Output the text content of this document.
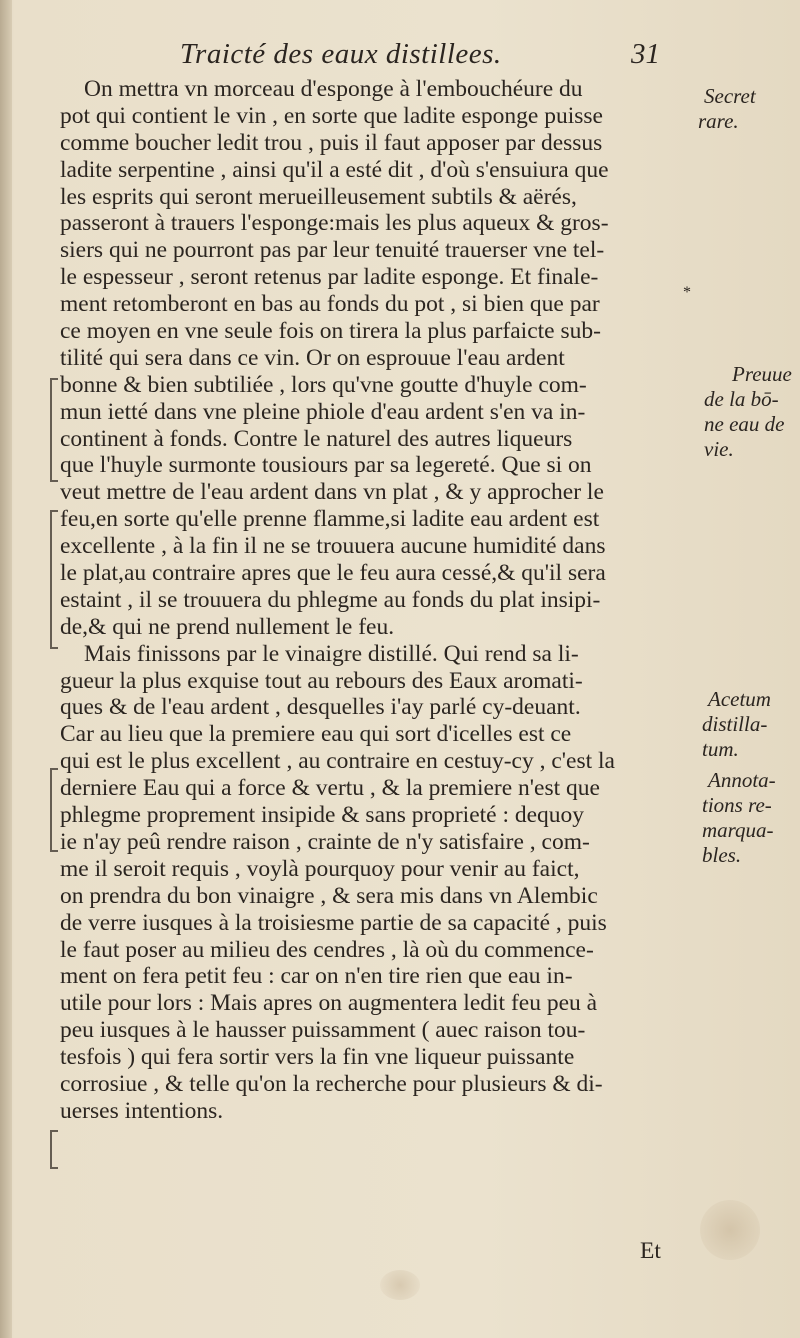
Traicté des eaux distillees.	31
On mettra vn morceau d'esponge à l'embouchéure du
pot qui contient le vin , en sorte que ladite esponge puisse
comme boucher ledit trou , puis il faut apposer par dessus
ladite serpentine , ainsi qu'il a esté dit , d'où s'ensuiura que
les esprits qui seront merueilleusement subtils & aërés,
passeront à trauers l'esponge:mais les plus aqueux & gros-
siers qui ne pourront pas par leur tenuité trauerser vne tel-
le espesseur , seront retenus par ladite esponge. Et finale-
ment retomberont en bas au fonds du pot , si bien que par
ce moyen en vne seule fois on tirera la plus parfaicte sub-
tilité qui sera dans ce vin. Or on esprouue l'eau ardent
bonne & bien subtiliée , lors qu'vne goutte d'huyle com-
mun ietté dans vne pleine phiole d'eau ardent s'en va in-
continent à fonds. Contre le naturel des autres liqueurs
que l'huyle surmonte tousiours par sa legereté. Que si on
veut mettre de l'eau ardent dans vn plat , & y approcher le
feu,en sorte qu'elle prenne flamme,si ladite eau ardent est
excellente , à la fin il ne se trouuera aucune humidité dans
le plat,au contraire apres que le feu aura cessé,& qu'il sera
estaint , il se trouuera du phlegme au fonds du plat insipi-
de,& qui ne prend nullement le feu.
Mais finissons par le vinaigre distillé. Qui rend sa li-
gueur la plus exquise tout au rebours des Eaux aromati-
ques & de l'eau ardent , desquelles i'ay parlé cy-deuant.
Car au lieu que la premiere eau qui sort d'icelles est ce
qui est le plus excellent , au contraire en cestuy-cy , c'est la
derniere Eau qui a force & vertu , & la premiere n'est que
phlegme proprement insipide & sans proprieté : dequoy
ie n'ay peû rendre raison , crainte de n'y satisfaire , com-
me il seroit requis , voylà pourquoy pour venir au faict,
on prendra du bon vinaigre , & sera mis dans vn Alembic
de verre iusques à la troisiesme partie de sa capacité , puis
le faut poser au milieu des cendres , là où du commence-
ment on fera petit feu : car on n'en tire rien que eau in-
utile pour lors : Mais apres on augmentera ledit feu peu à
peu iusques à le hausser puissamment ( auec raison tou-
tesfois ) qui fera sortir vers la fin vne liqueur puissante
corrosiue , & telle qu'on la recherche pour plusieurs & di-
uerses intentions.
*
Secret
rare.
Preuue
de la bō-
ne eau de
vie.
Acetum
distilla-
tum.
Annota-
tions re-
marqua-
bles.
Et
